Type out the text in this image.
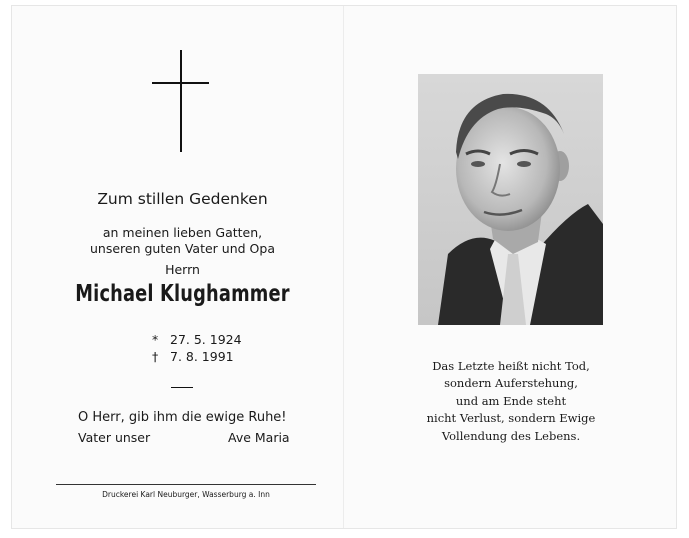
Zum stillen Gedenken
an meinen lieben Gatten,
unseren guten Vater und Opa
Herrn
Michael Klughammer
* 27. 5. 1924
† 7. 8. 1991
O Herr, gib ihm die ewige Ruhe!
Vater unser	Ave Maria
Druckerei Karl Neuburger, Wasserburg a. Inn
Das Letzte heißt nicht Tod,
sondern Auferstehung,
und am Ende steht
nicht Verlust, sondern Ewige
Vollendung des Lebens.
